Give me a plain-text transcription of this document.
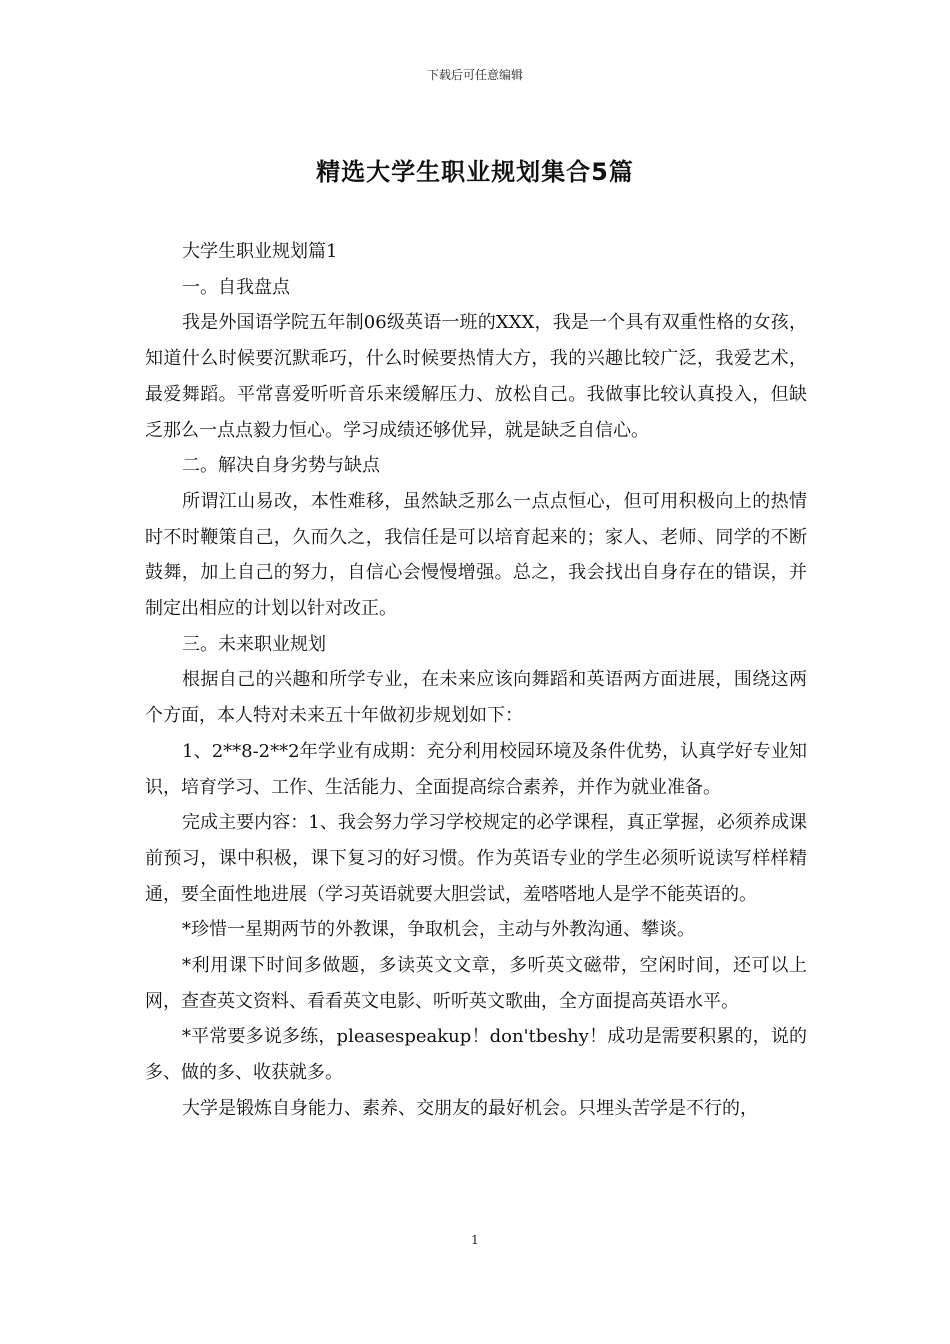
下载后可任意编辑
精选大学生职业规划集合5篇

大学生职业规划篇1

一。自我盘点

我是外国语学院五年制06级英语一班的XXX，我是一个具有双重性格的女孩，知道什么时候要沉默乖巧，什么时候要热情大方，我的兴趣比较广泛，我爱艺术，最爱舞蹈。平常喜爱听听音乐来缓解压力、放松自己。我做事比较认真投入，但缺乏那么一点点毅力恒心。学习成绩还够优异，就是缺乏自信心。

二。解决自身劣势与缺点

所谓江山易改，本性难移，虽然缺乏那么一点点恒心，但可用积极向上的热情时不时鞭策自己，久而久之，我信任是可以培育起来的；家人、老师、同学的不断鼓舞，加上自己的努力，自信心会慢慢增强。总之，我会找出自身存在的错误，并制定出相应的计划以针对改正。

三。未来职业规划

根据自己的兴趣和所学专业，在未来应该向舞蹈和英语两方面进展，围绕这两个方面，本人特对未来五十年做初步规划如下：

1、2**8-2**2年学业有成期：充分利用校园环境及条件优势，认真学好专业知识，培育学习、工作、生活能力、全面提高综合素养，并作为就业准备。

完成主要内容：1、我会努力学习学校规定的必学课程，真正掌握，必须养成课前预习，课中积极，课下复习的好习惯。作为英语专业的学生必须听说读写样样精通，要全面性地进展（学习英语就要大胆尝试，羞嗒嗒地人是学不能英语的。

*珍惜一星期两节的外教课，争取机会，主动与外教沟通、攀谈。

*利用课下时间多做题，多读英文文章，多听英文磁带，空闲时间，还可以上网，查查英文资料、看看英文电影、听听英文歌曲，全方面提高英语水平。

*平常要多说多练，pleasespeakup！don'tbeshy！成功是需要积累的，说的多、做的多、收获就多。

大学是锻炼自身能力、素养、交朋友的最好机会。只埋头苦学是不行的，

1
